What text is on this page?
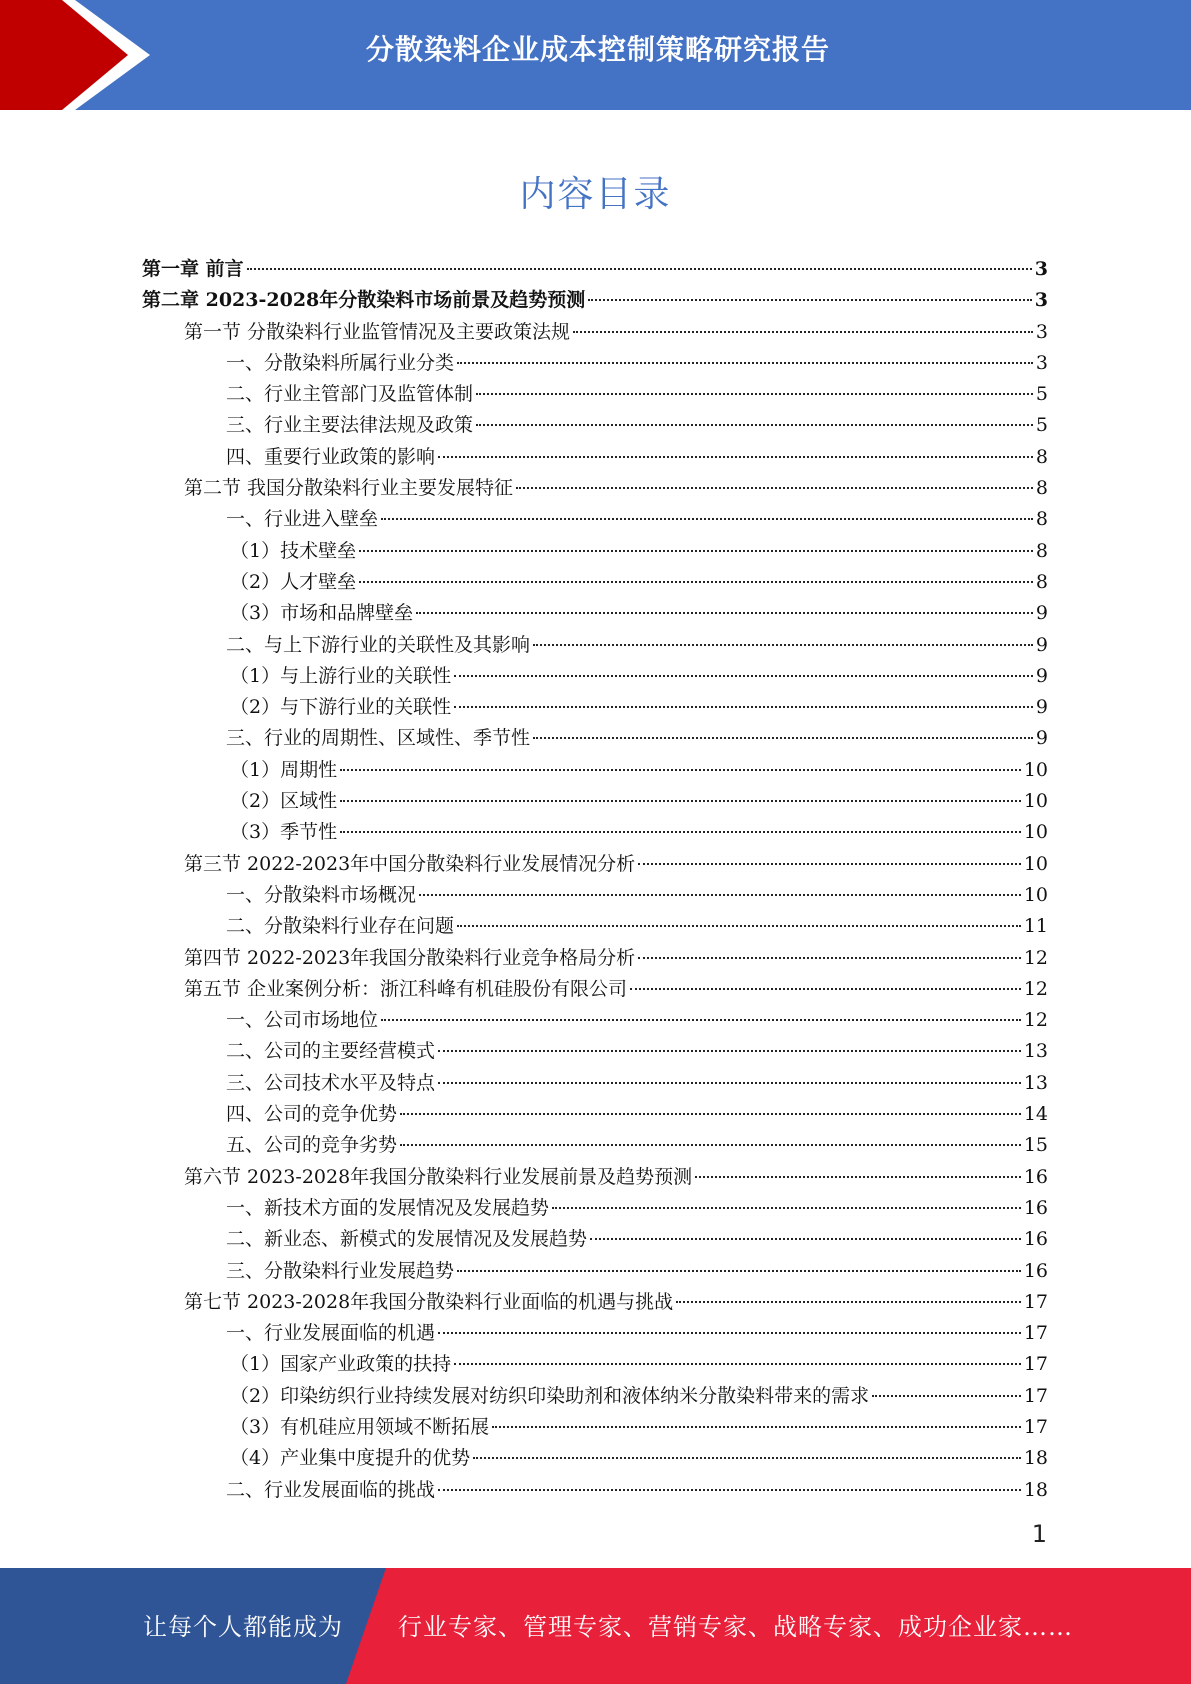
分散染料企业成本控制策略研究报告
内容目录
第一章 前言	3
第二章 2023-2028年分散染料市场前景及趋势预测	3
第一节 分散染料行业监管情况及主要政策法规	3
一、分散染料所属行业分类	3
二、行业主管部门及监管体制	5
三、行业主要法律法规及政策	5
四、重要行业政策的影响	8
第二节 我国分散染料行业主要发展特征	8
一、行业进入壁垒	8
（1）技术壁垒	8
（2）人才壁垒	8
（3）市场和品牌壁垒	9
二、与上下游行业的关联性及其影响	9
（1）与上游行业的关联性	9
（2）与下游行业的关联性	9
三、行业的周期性、区域性、季节性	9
（1）周期性	10
（2）区域性	10
（3）季节性	10
第三节 2022-2023年中国分散染料行业发展情况分析	10
一、分散染料市场概况	10
二、分散染料行业存在问题	11
第四节 2022-2023年我国分散染料行业竞争格局分析	12
第五节 企业案例分析：浙江科峰有机硅股份有限公司	12
一、公司市场地位	12
二、公司的主要经营模式	13
三、公司技术水平及特点	13
四、公司的竞争优势	14
五、公司的竞争劣势	15
第六节 2023-2028年我国分散染料行业发展前景及趋势预测	16
一、新技术方面的发展情况及发展趋势	16
二、新业态、新模式的发展情况及发展趋势	16
三、分散染料行业发展趋势	16
第七节 2023-2028年我国分散染料行业面临的机遇与挑战	17
一、行业发展面临的机遇	17
（1）国家产业政策的扶持	17
（2）印染纺织行业持续发展对纺织印染助剂和液体纳米分散染料带来的需求	17
（3）有机硅应用领域不断拓展	17
（4）产业集中度提升的优势	18
二、行业发展面临的挑战	18
1
让每个人都能成为 行业专家、管理专家、营销专家、战略专家、成功企业家……
